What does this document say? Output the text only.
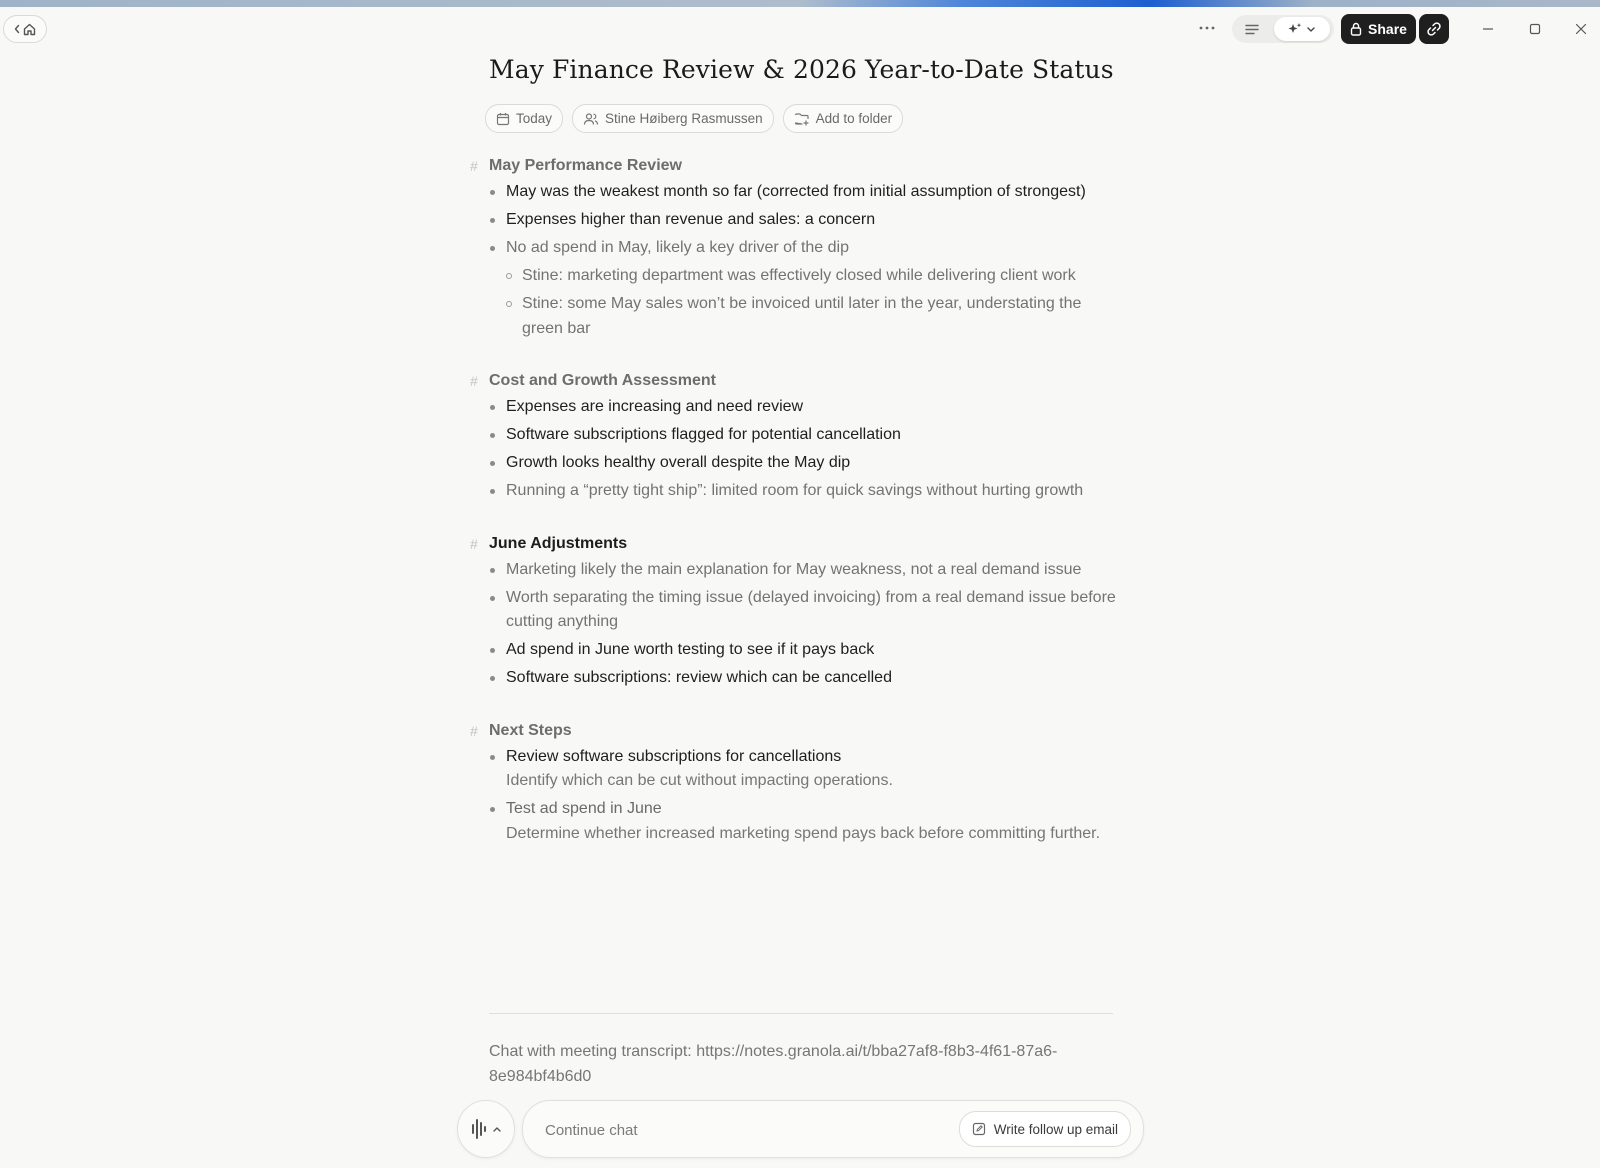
Share
May Finance Review & 2026 Year-to-Date Status
Today	Stine Høiberg Rasmussen	Add to folder
# May Performance Review
May was the weakest month so far (corrected from initial assumption of strongest)
Expenses higher than revenue and sales: a concern
No ad spend in May, likely a key driver of the dip
Stine: marketing department was effectively closed while delivering client work
Stine: some May sales won’t be invoiced until later in the year, understating the green bar
# Cost and Growth Assessment
Expenses are increasing and need review
Software subscriptions flagged for potential cancellation
Growth looks healthy overall despite the May dip
Running a “pretty tight ship”: limited room for quick savings without hurting growth
# June Adjustments
Marketing likely the main explanation for May weakness, not a real demand issue
Worth separating the timing issue (delayed invoicing) from a real demand issue before cutting anything
Ad spend in June worth testing to see if it pays back
Software subscriptions: review which can be cancelled
# Next Steps
Review software subscriptions for cancellations
Identify which can be cut without impacting operations.
Test ad spend in June
Determine whether increased marketing spend pays back before committing further.
Chat with meeting transcript: https://notes.granola.ai/t/bba27af8-f8b3-4f61-87a6-8e984bf4b6d0
Continue chat
Write follow up email
